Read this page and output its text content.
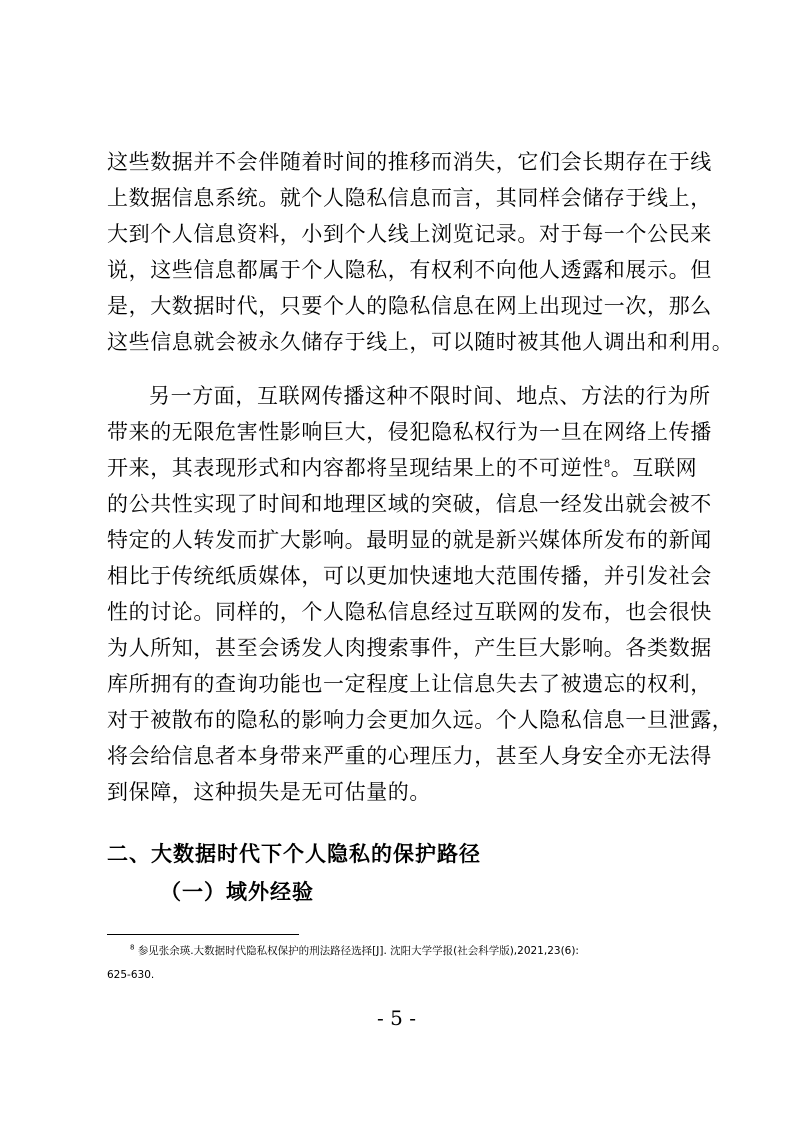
这些数据并不会伴随着时间的推移而消失，它们会长期存在于线
上数据信息系统。就个人隐私信息而言，其同样会储存于线上，
大到个人信息资料，小到个人线上浏览记录。对于每一个公民来
说，这些信息都属于个人隐私，有权利不向他人透露和展示。但
是，大数据时代，只要个人的隐私信息在网上出现过一次，那么
这些信息就会被永久储存于线上，可以随时被其他人调出和利用。
另一方面，互联网传播这种不限时间、地点、方法的行为所
带来的无限危害性影响巨大，侵犯隐私权行为一旦在网络上传播
开来，其表现形式和内容都将呈现结果上的不可逆性$^8$。互联网
的公共性实现了时间和地理区域的突破，信息一经发出就会被不
特定的人转发而扩大影响。最明显的就是新兴媒体所发布的新闻
相比于传统纸质媒体，可以更加快速地大范围传播，并引发社会
性的讨论。同样的，个人隐私信息经过互联网的发布，也会很快
为人所知，甚至会诱发人肉搜索事件，产生巨大影响。各类数据
库所拥有的查询功能也一定程度上让信息失去了被遗忘的权利，
对于被散布的隐私的影响力会更加久远。个人隐私信息一旦泄露，
将会给信息者本身带来严重的心理压力，甚至人身安全亦无法得
到保障，这种损失是无可估量的。
二、大数据时代下个人隐私的保护路径
（一）域外经验
$^8$ 参见张余瑛.大数据时代隐私权保护的刑法路径选择[J]. 沈阳大学学报(社会科学版),2021,23(6):
625-630.
- 5 -
